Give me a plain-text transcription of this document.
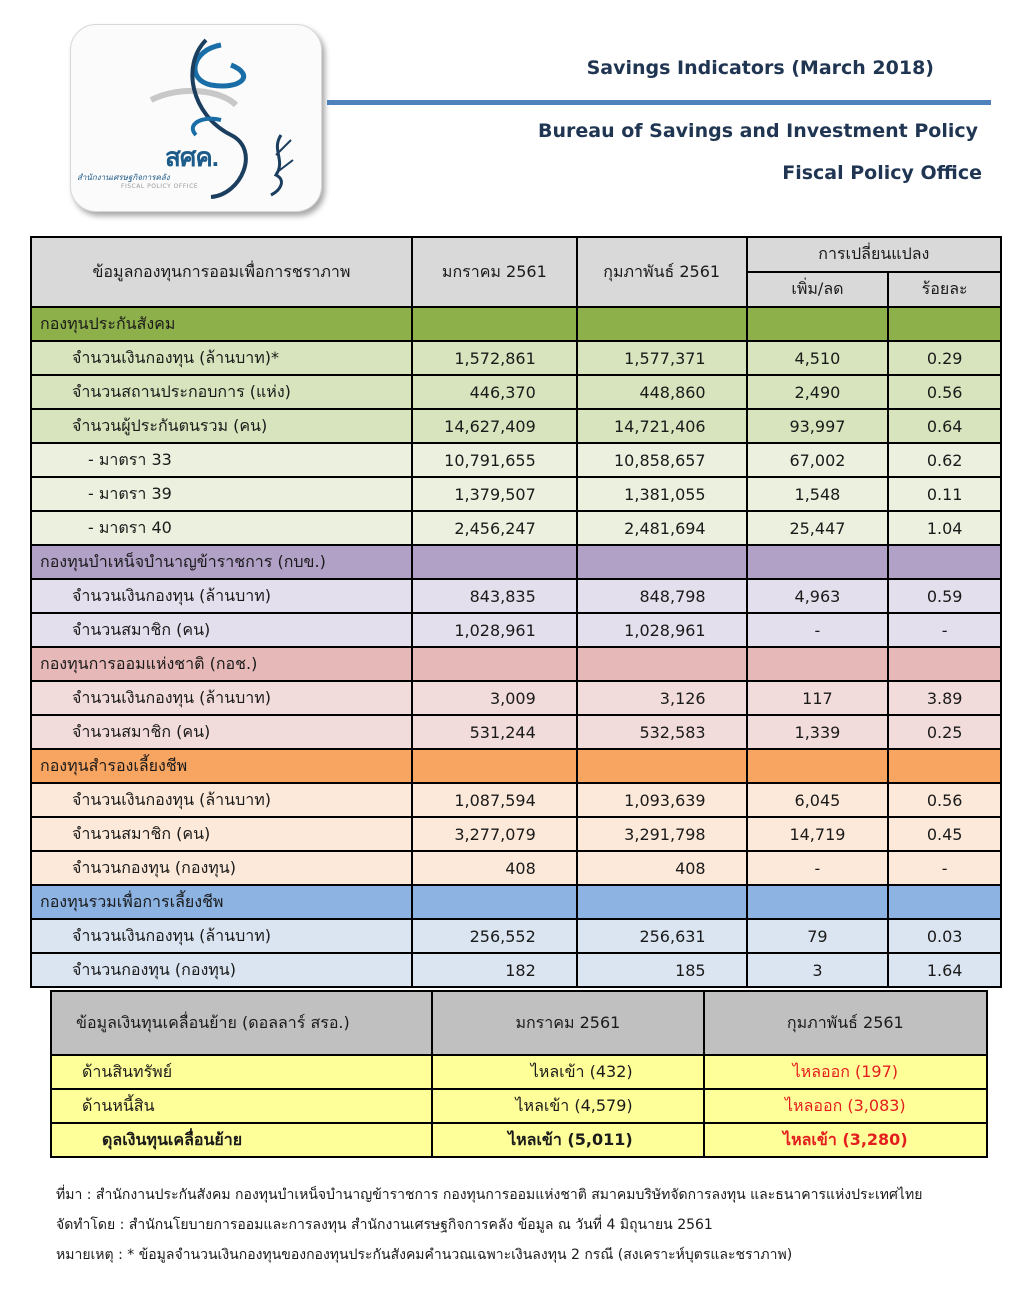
สศค.
สำนักงานเศรษฐกิจการคลัง
FISCAL POLICY OFFICE
Savings Indicators (March 2018)
Bureau of Savings and Investment Policy
Fiscal Policy Office
ข้อมูลกองทุนการออมเพื่อการชราภาพ	มกราคม 2561	กุมภาพันธ์ 2561	การเปลี่ยนแปลง	
			เพิ่ม/ลด	ร้อยละ
กองทุนประกันสังคม				
จำนวนเงินกองทุน (ล้านบาท)*	1,572,861	1,577,371	4,510	0.29
จำนวนสถานประกอบการ (แห่ง)	446,370	448,860	2,490	0.56
จำนวนผู้ประกันตนรวม (คน)	14,627,409	14,721,406	93,997	0.64
- มาตรา 33	10,791,655	10,858,657	67,002	0.62
- มาตรา 39	1,379,507	1,381,055	1,548	0.11
- มาตรา 40	2,456,247	2,481,694	25,447	1.04
กองทุนบำเหน็จบำนาญข้าราชการ (กบข.)				
จำนวนเงินกองทุน (ล้านบาท)	843,835	848,798	4,963	0.59
จำนวนสมาชิก (คน)	1,028,961	1,028,961	-	-
กองทุนการออมแห่งชาติ (กอช.)				
จำนวนเงินกองทุน (ล้านบาท)	3,009	3,126	117	3.89
จำนวนสมาชิก (คน)	531,244	532,583	1,339	0.25
กองทุนสำรองเลี้ยงชีพ				
จำนวนเงินกองทุน (ล้านบาท)	1,087,594	1,093,639	6,045	0.56
จำนวนสมาชิก (คน)	3,277,079	3,291,798	14,719	0.45
จำนวนกองทุน (กองทุน)	408	408	-	-
กองทุนรวมเพื่อการเลี้ยงชีพ				
จำนวนเงินกองทุน (ล้านบาท)	256,552	256,631	79	0.03
จำนวนกองทุน (กองทุน)	182	185	3	1.64
ข้อมูลเงินทุนเคลื่อนย้าย (ดอลลาร์ สรอ.)	มกราคม 2561	กุมภาพันธ์ 2561
ด้านสินทรัพย์	ไหลเข้า (432)	ไหลออก (197)
ด้านหนี้สิน	ไหลเข้า (4,579)	ไหลออก (3,083)
ดุลเงินทุนเคลื่อนย้าย	ไหลเข้า (5,011)	ไหลเข้า (3,280)
ที่มา : สำนักงานประกันสังคม กองทุนบำเหน็จบำนาญข้าราชการ กองทุนการออมแห่งชาติ สมาคมบริษัทจัดการลงทุน และธนาคารแห่งประเทศไทย
จัดทำโดย : สำนักนโยบายการออมและการลงทุน สำนักงานเศรษฐกิจการคลัง ข้อมูล ณ วันที่ 4 มิถุนายน 2561
หมายเหตุ : * ข้อมูลจำนวนเงินกองทุนของกองทุนประกันสังคมคำนวณเฉพาะเงินลงทุน 2 กรณี (สงเคราะห์บุตรและชราภาพ)
